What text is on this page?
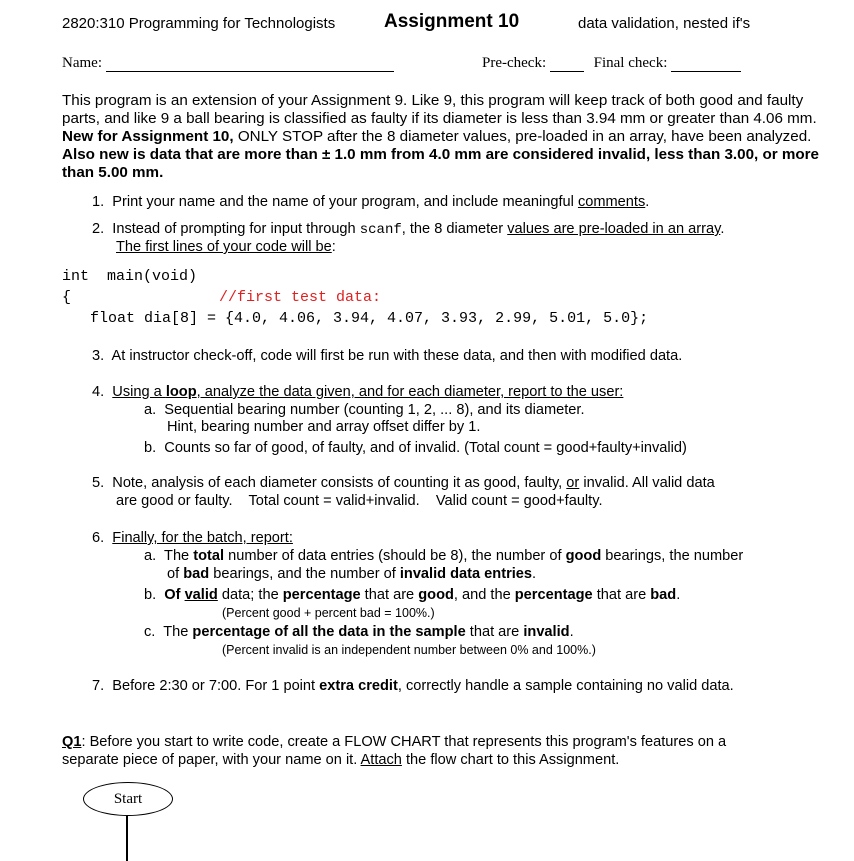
2820:310 Programming for Technologists	Assignment 10	data validation, nested if's
Name:	Pre-check:	Final check:

This program is an extension of your Assignment 9. Like 9, this program will keep track of both good and faulty parts, and like 9 a ball bearing is classified as faulty if its diameter is less than 3.94 mm or greater than 4.06 mm. New for Assignment 10, ONLY STOP after the 8 diameter values, pre-loaded in an array, have been analyzed. Also new is data that are more than ± 1.0 mm from 4.0 mm are considered invalid, less than 3.00, or more than 5.00 mm.

1. Print your name and the name of your program, and include meaningful comments.
2. Instead of prompting for input through scanf, the 8 diameter values are pre-loaded in an array.
The first lines of your code will be:
int  main(void)
{	//first test data:
float dia[8] = {4.0, 4.06, 3.94, 4.07, 3.93, 2.99, 5.01, 5.0};
3. At instructor check-off, code will first be run with these data, and then with modified data.
4. Using a loop, analyze the data given, and for each diameter, report to the user:
a. Sequential bearing number (counting 1, 2, ... 8), and its diameter.
Hint, bearing number and array offset differ by 1.
b. Counts so far of good, of faulty, and of invalid. (Total count = good+faulty+invalid)
5. Note, analysis of each diameter consists of counting it as good, faulty, or invalid. All valid data
are good or faulty.    Total count = valid+invalid.    Valid count = good+faulty.
6. Finally, for the batch, report:
a. The total number of data entries (should be 8), the number of good bearings, the number
of bad bearings, and the number of invalid data entries.
b. Of valid data; the percentage that are good, and the percentage that are bad.
(Percent good + percent bad = 100%.)
c. The percentage of all the data in the sample that are invalid.
(Percent invalid is an independent number between 0% and 100%.)
7. Before 2:30 or 7:00. For 1 point extra credit, correctly handle a sample containing no valid data.
Q1: Before you start to write code, create a FLOW CHART that represents this program's features on a
separate piece of paper, with your name on it. Attach the flow chart to this Assignment.
Start
